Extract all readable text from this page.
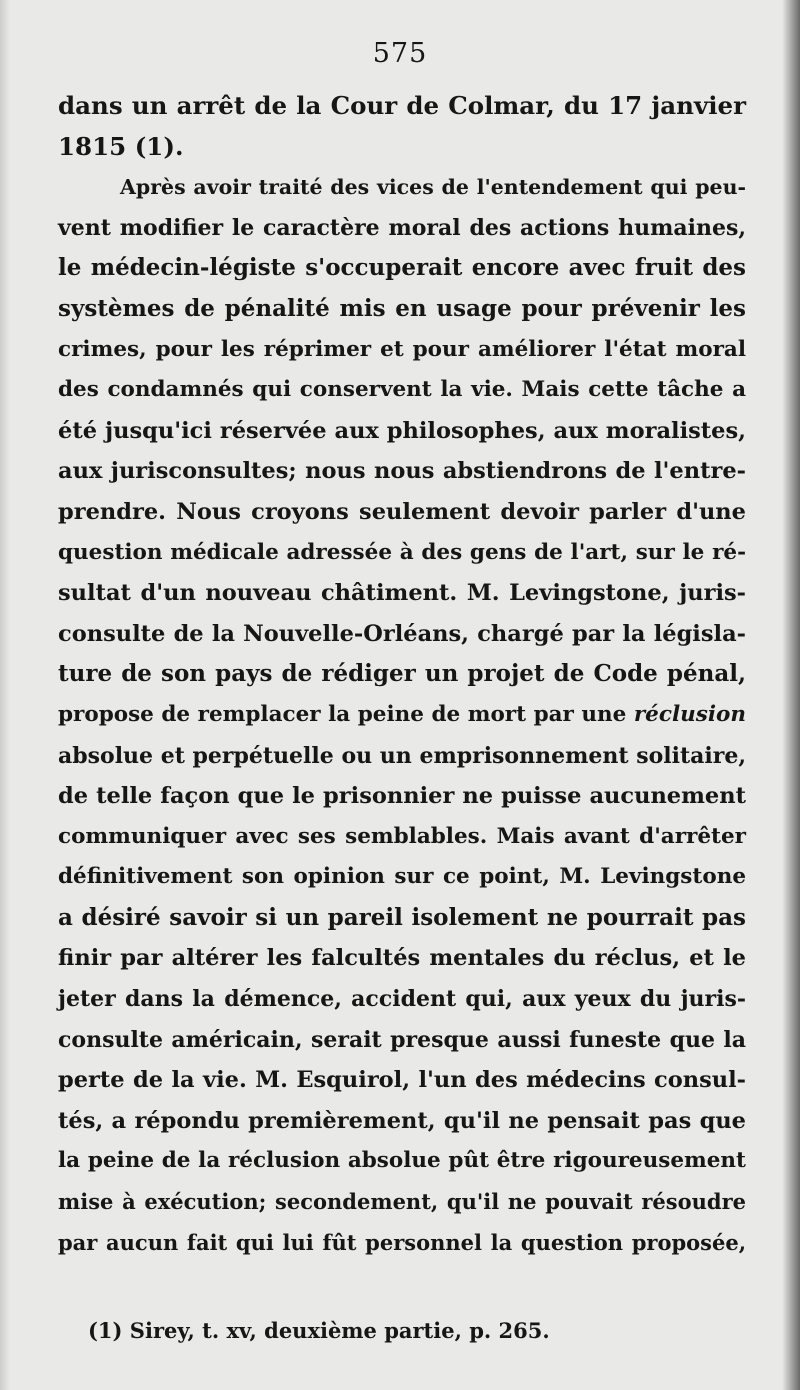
575
dans un arrêt de la Cour de Colmar, du 17 janvier
1815 (1).
Après avoir traité des vices de l'entendement qui peu-
vent modifier le caractère moral des actions humaines,
le médecin-légiste s'occuperait encore avec fruit des
systèmes de pénalité mis en usage pour prévenir les
crimes, pour les réprimer et pour améliorer l'état moral
des condamnés qui conservent la vie. Mais cette tâche a
été jusqu'ici réservée aux philosophes, aux moralistes,
aux jurisconsultes; nous nous abstiendrons de l'entre-
prendre. Nous croyons seulement devoir parler d'une
question médicale adressée à des gens de l'art, sur le ré-
sultat d'un nouveau châtiment. M. Levingstone, juris-
consulte de la Nouvelle-Orléans, chargé par la législa-
ture de son pays de rédiger un projet de Code pénal,
propose de remplacer la peine de mort par une réclusion
absolue et perpétuelle ou un emprisonnement solitaire,
de telle façon que le prisonnier ne puisse aucunement
communiquer avec ses semblables. Mais avant d'arrêter
définitivement son opinion sur ce point, M. Levingstone
a désiré savoir si un pareil isolement ne pourrait pas
finir par altérer les falcultés mentales du réclus, et le
jeter dans la démence, accident qui, aux yeux du juris-
consulte américain, serait presque aussi funeste que la
perte de la vie. M. Esquirol, l'un des médecins consul-
tés, a répondu premièrement, qu'il ne pensait pas que
la peine de la réclusion absolue pût être rigoureusement
mise à exécution; secondement, qu'il ne pouvait résoudre
par aucun fait qui lui fût personnel la question proposée,
(1) Sirey, t. xv, deuxième partie, p. 265.
